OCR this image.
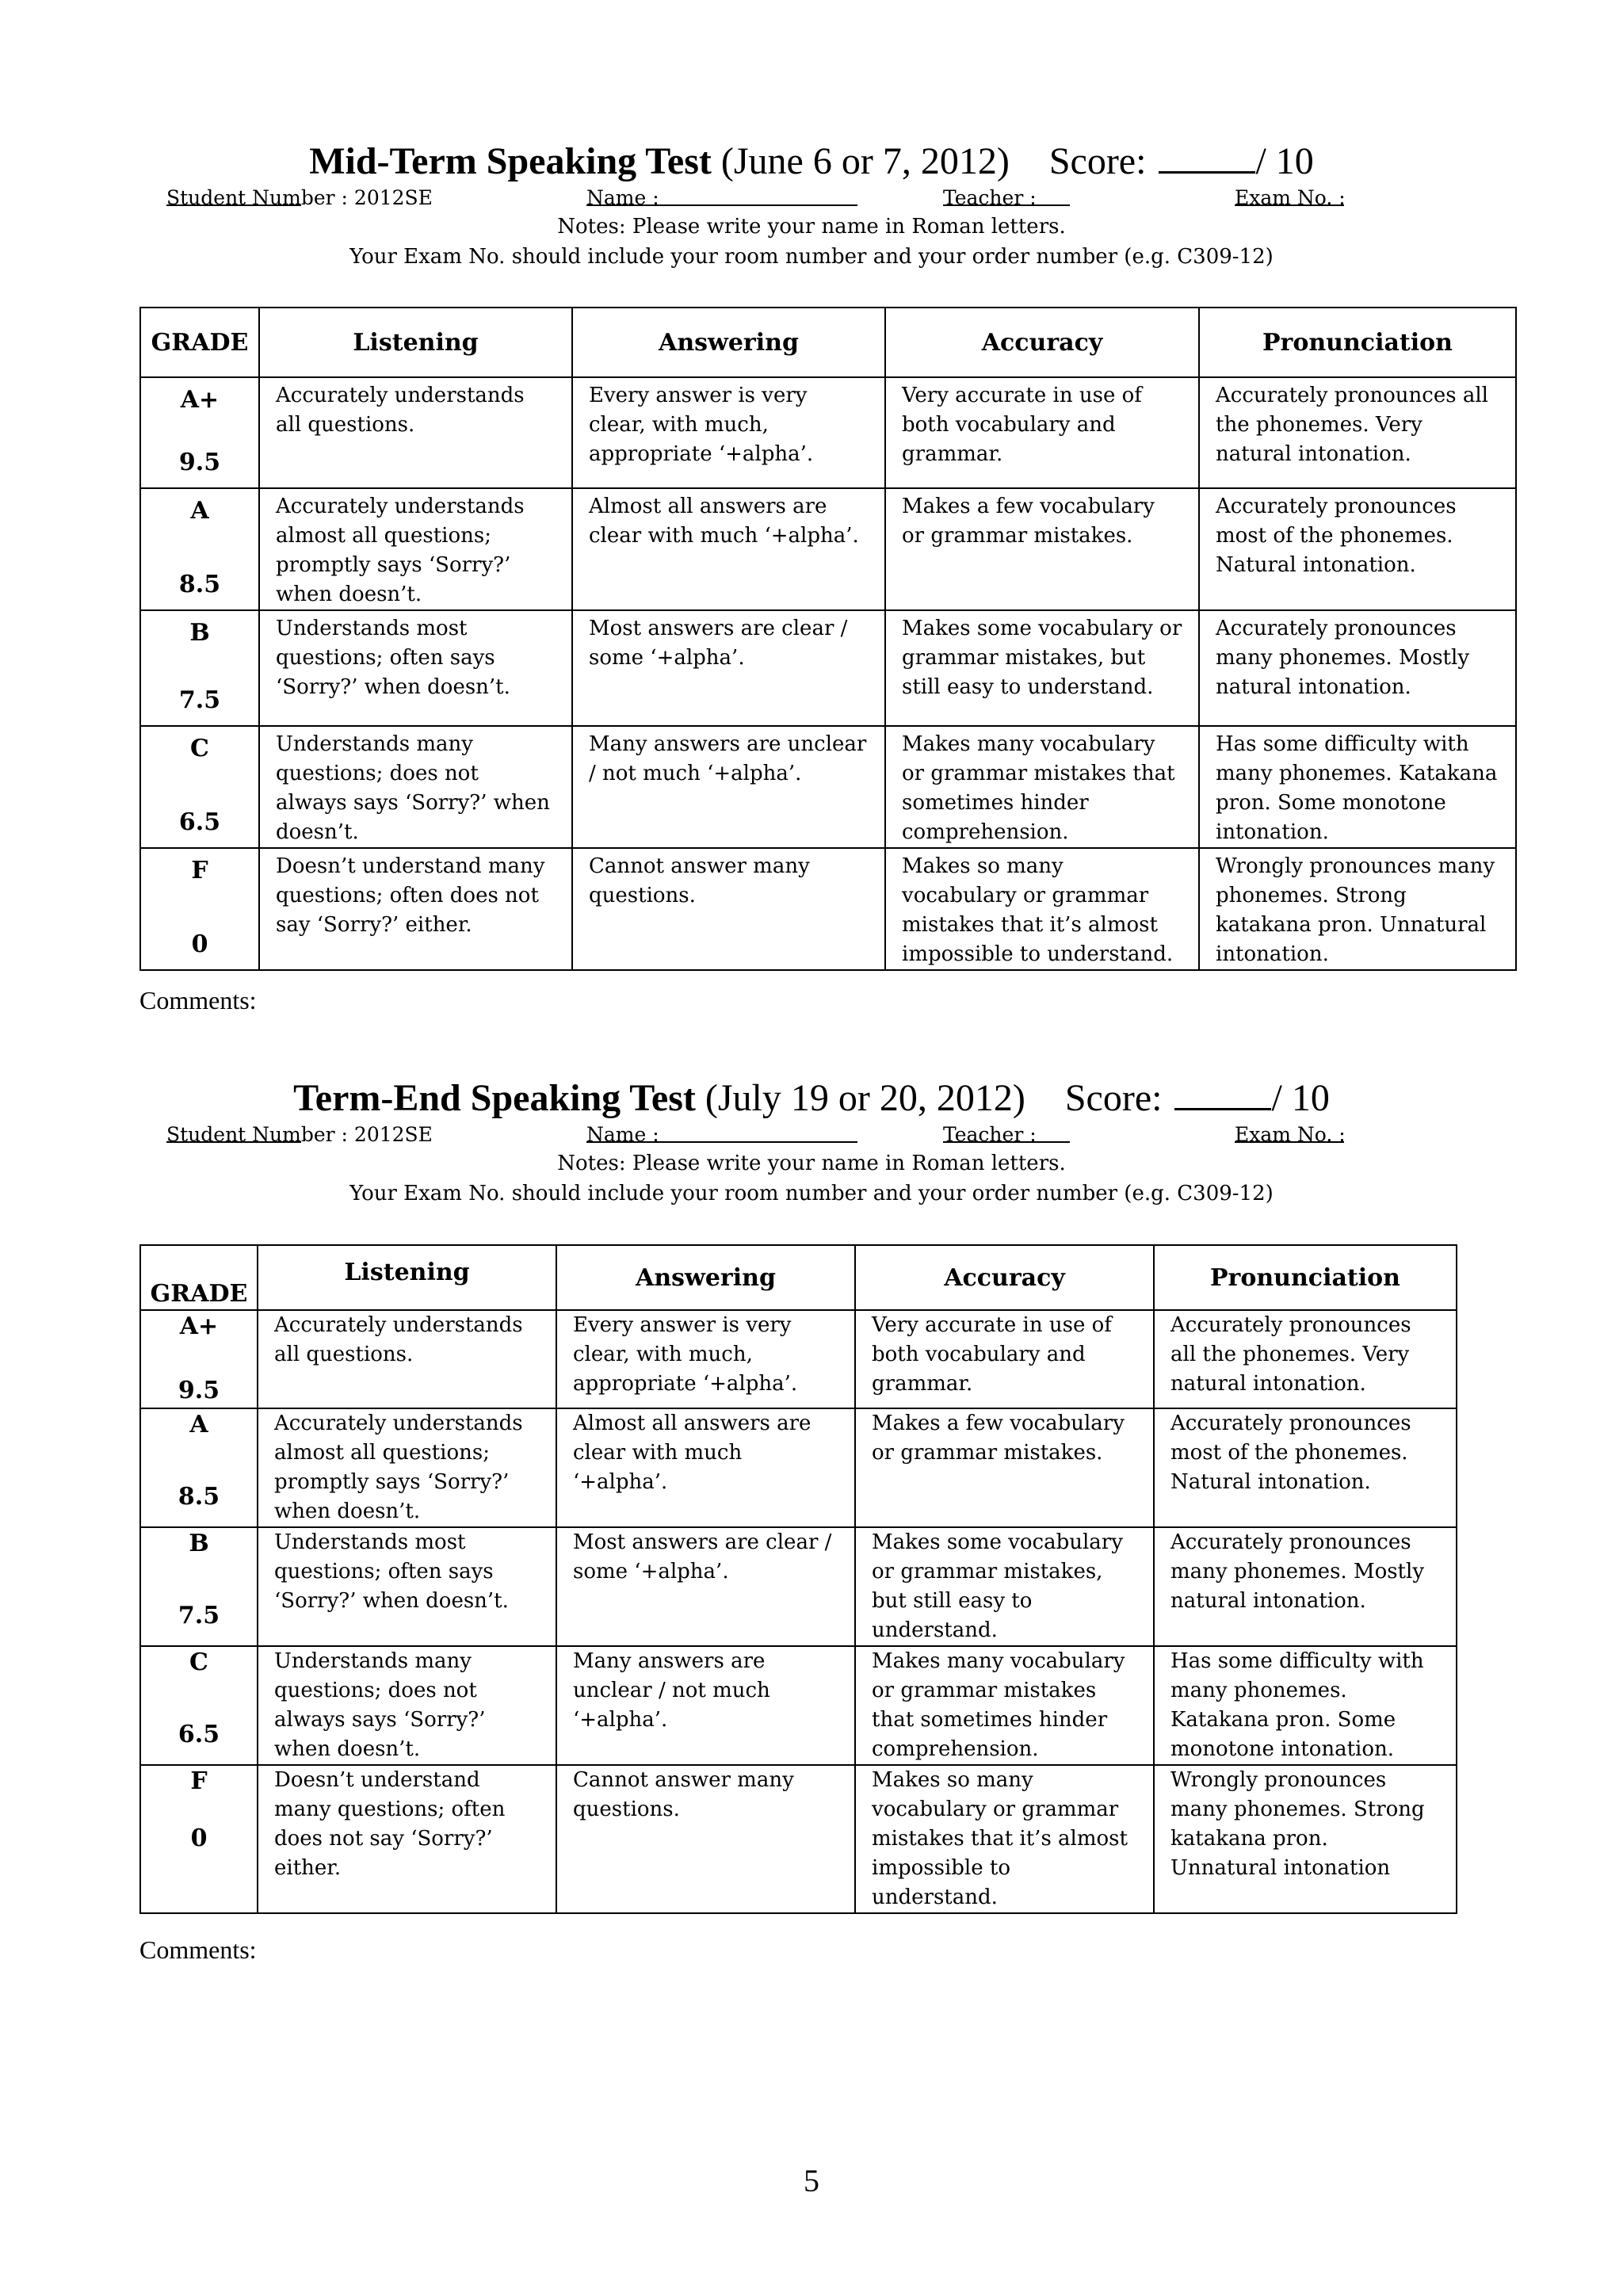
Mid-Term Speaking Test (June 6 or 7, 2012) Score:	/ 10
Student Number : 2012SE	Name :	Teacher :	Exam No. :
Notes: Please write your name in Roman letters.
Your Exam No. should include your room number and your order number (e.g. C309-12)
GRADE	Listening	Answering	Accuracy	Pronunciation

A+
9.5	Accurately understands all questions.	Every answer is very clear, with much, appropriate ‘+alpha’.	Very accurate in use of both vocabulary and grammar.	Accurately pronounces all the phonemes. Very natural intonation.

A
8.5	Accurately understands almost all questions; promptly says ‘Sorry?’ when doesn’t.	Almost all answers are clear with much ‘+alpha’.	Makes a few vocabulary or grammar mistakes.	Accurately pronounces most of the phonemes. Natural intonation.

B
7.5	Understands most questions; often says ‘Sorry?’ when doesn’t.	Most answers are clear / some ‘+alpha’.	Makes some vocabulary or grammar mistakes, but still easy to understand.	Accurately pronounces many phonemes. Mostly natural intonation.

C
6.5	Understands many questions; does not always says ‘Sorry?’ when doesn’t.	Many answers are unclear / not much ‘+alpha’.	Makes many vocabulary or grammar mistakes that sometimes hinder comprehension.	Has some difficulty with many phonemes. Katakana pron. Some monotone intonation.

F
0	Doesn’t understand many questions; often does not say ‘Sorry?’ either.	Cannot answer many questions.	Makes so many vocabulary or grammar mistakes that it’s almost impossible to understand.	Wrongly pronounces many phonemes. Strong katakana pron. Unnatural intonation.
Comments:
Term-End Speaking Test (July 19 or 20, 2012) Score:	/ 10
Student Number : 2012SE	Name :	Teacher :	Exam No. :
Notes: Please write your name in Roman letters.
Your Exam No. should include your room number and your order number (e.g. C309-12)
GRADE	Listening	Answering	Accuracy	Pronunciation

A+
9.5	Accurately understands all questions.	Every answer is very clear, with much, appropriate ‘+alpha’.	Very accurate in use of both vocabulary and grammar.	Accurately pronounces all the phonemes. Very natural intonation.

A
8.5	Accurately understands almost all questions; promptly says ‘Sorry?’ when doesn’t.	Almost all answers are clear with much ‘+alpha’.	Makes a few vocabulary or grammar mistakes.	Accurately pronounces most of the phonemes. Natural intonation.

B
7.5	Understands most questions; often says ‘Sorry?’ when doesn’t.	Most answers are clear / some ‘+alpha’.	Makes some vocabulary or grammar mistakes, but still easy to understand.	Accurately pronounces many phonemes. Mostly natural intonation.

C
6.5	Understands many questions; does not always says ‘Sorry?’ when doesn’t.	Many answers are unclear / not much ‘+alpha’.	Makes many vocabulary or grammar mistakes that sometimes hinder comprehension.	Has some difficulty with many phonemes. Katakana pron. Some monotone intonation.

F
0	Doesn’t understand many questions; often does not say ‘Sorry?’ either.	Cannot answer many questions.	Makes so many vocabulary or grammar mistakes that it’s almost impossible to understand.	Wrongly pronounces many phonemes. Strong katakana pron. Unnatural intonation
Comments:
5
